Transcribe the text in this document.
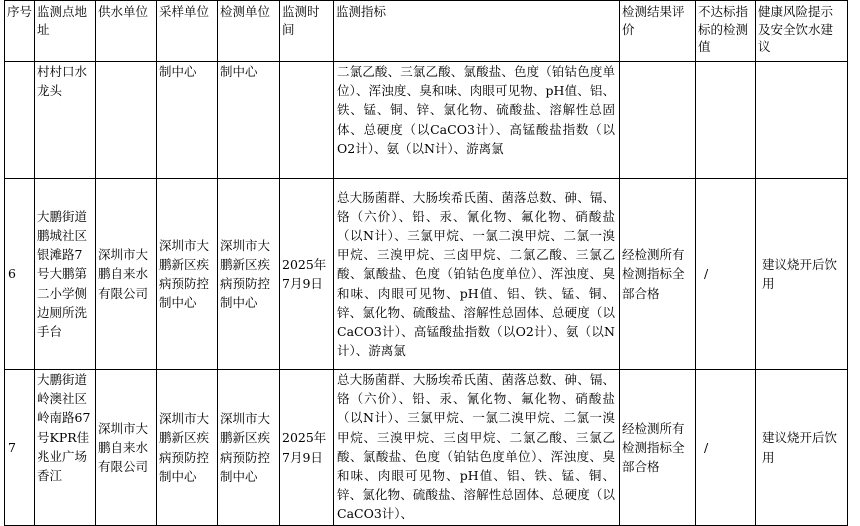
序号	监测点地址	供水单位	采样单位	检测单位	监测时间	监测指标	检测结果评价	不达标指标的检测值	健康风险提示及安全饮水建议
	村村口水龙头		制中心	制中心		二氯乙酸、三氯乙酸、氯酸盐、色度（铂钴色度单位）、浑浊度、臭和味、肉眼可见物、pH值、铝、铁、锰、铜、锌、氯化物、硫酸盐、溶解性总固体、总硬度（以CaCO3计）、高锰酸盐指数（以O2计）、氨（以N计）、游离氯			
6	大鹏街道鹏城社区银滩路7号大鹏第二小学侧边厕所洗手台	深圳市大鹏自来水有限公司	深圳市大鹏新区疾病预防控制中心	深圳市大鹏新区疾病预防控制中心	2025年7月9日	总大肠菌群、大肠埃希氏菌、菌落总数、砷、镉、铬（六价）、铅、汞、氰化物、氟化物、硝酸盐（以N计）、三氯甲烷、一氯二溴甲烷、二氯一溴甲烷、三溴甲烷、三卤甲烷、二氯乙酸、三氯乙酸、氯酸盐、色度（铂钴色度单位）、浑浊度、臭和味、肉眼可见物、pH值、铝、铁、锰、铜、锌、氯化物、硫酸盐、溶解性总固体、总硬度（以CaCO3计）、高锰酸盐指数（以O2计）、氨（以N计）、游离氯	经检测所有检测指标全部合格	/	建议烧开后饮用
7	大鹏街道岭澳社区岭南路67号KPR佳兆业广场香江	深圳市大鹏自来水有限公司	深圳市大鹏新区疾病预防控制中心	深圳市大鹏新区疾病预防控制中心	2025年7月9日	总大肠菌群、大肠埃希氏菌、菌落总数、砷、镉、铬（六价）、铅、汞、氰化物、氟化物、硝酸盐（以N计）、三氯甲烷、一氯二溴甲烷、二氯一溴甲烷、三溴甲烷、三卤甲烷、二氯乙酸、三氯乙酸、氯酸盐、色度（铂钴色度单位）、浑浊度、臭和味、肉眼可见物、pH值、铝、铁、锰、铜、锌、氯化物、硫酸盐、溶解性总固体、总硬度（以CaCO3计）、	经检测所有检测指标全部合格	/	建议烧开后饮用
